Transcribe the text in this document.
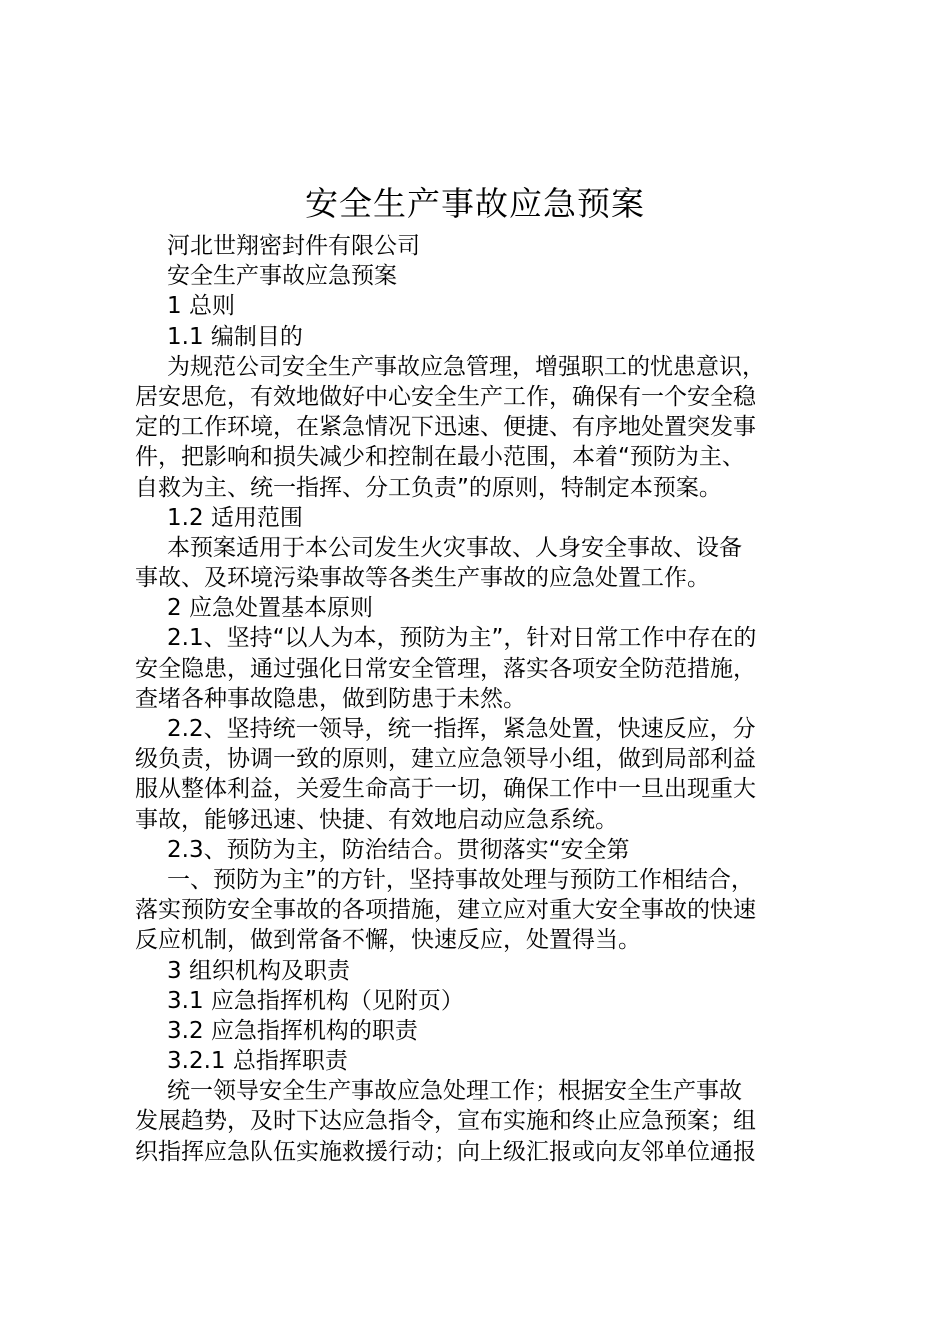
安全生产事故应急预案
河北世翔密封件有限公司
安全生产事故应急预案
1 总则
1.1 编制目的
为规范公司安全生产事故应急管理，增强职工的忧患意识，
居安思危，有效地做好中心安全生产工作，确保有一个安全稳
定的工作环境，在紧急情况下迅速、便捷、有序地处置突发事
件，把影响和损失减少和控制在最小范围，本着“预防为主、
自救为主、统一指挥、分工负责”的原则，特制定本预案。
1.2 适用范围
本预案适用于本公司发生火灾事故、人身安全事故、设备
事故、及环境污染事故等各类生产事故的应急处置工作。
2 应急处置基本原则
2.1、坚持“以人为本，预防为主”，针对日常工作中存在的
安全隐患，通过强化日常安全管理，落实各项安全防范措施，
查堵各种事故隐患，做到防患于未然。
2.2、坚持统一领导，统一指挥，紧急处置，快速反应，分
级负责，协调一致的原则，建立应急领导小组，做到局部利益
服从整体利益，关爱生命高于一切，确保工作中一旦出现重大
事故，能够迅速、快捷、有效地启动应急系统。
2.3、预防为主，防治结合。贯彻落实“安全第
一、预防为主”的方针，坚持事故处理与预防工作相结合，
落实预防安全事故的各项措施，建立应对重大安全事故的快速
反应机制，做到常备不懈，快速反应，处置得当。
3 组织机构及职责
3.1 应急指挥机构（见附页）
3.2 应急指挥机构的职责
3.2.1 总指挥职责
统一领导安全生产事故应急处理工作；根据安全生产事故
发展趋势，及时下达应急指令，宣布实施和终止应急预案；组
织指挥应急队伍实施救援行动；向上级汇报或向友邻单位通报
